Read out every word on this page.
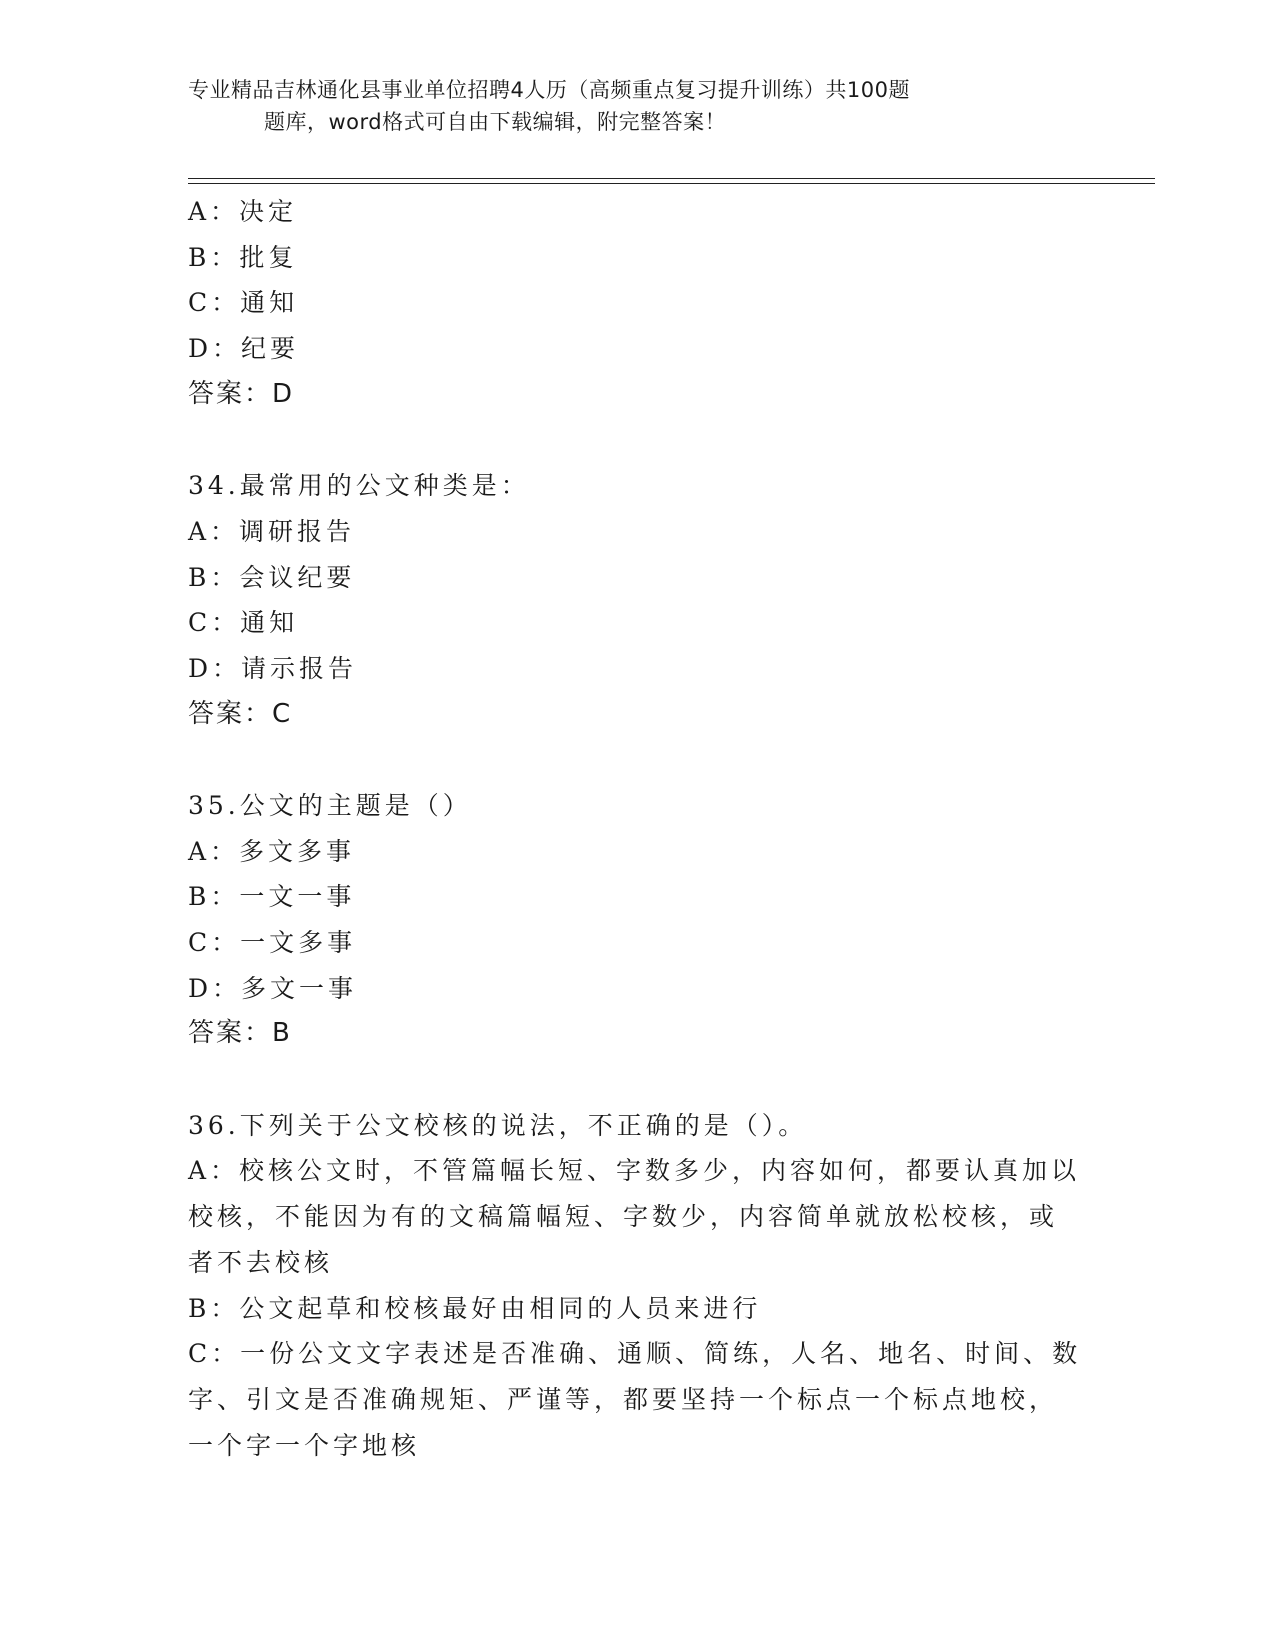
专业精品吉林通化县事业单位招聘4人历（高频重点复习提升训练）共100题
题库，word格式可自由下载编辑，附完整答案！
A：决定
B：批复
C：通知
D：纪要
答案：D
34.最常用的公文种类是：
A：调研报告
B：会议纪要
C：通知
D：请示报告
答案：C
35.公文的主题是（）
A：多文多事
B：一文一事
C：一文多事
D：多文一事
答案：B
36.下列关于公文校核的说法，不正确的是（）。
A：校核公文时，不管篇幅长短、字数多少，内容如何，都要认真加以
校核，不能因为有的文稿篇幅短、字数少，内容简单就放松校核，或
者不去校核
B：公文起草和校核最好由相同的人员来进行
C：一份公文文字表述是否准确、通顺、简练，人名、地名、时间、数
字、引文是否准确规矩、严谨等，都要坚持一个标点一个标点地校，
一个字一个字地核
